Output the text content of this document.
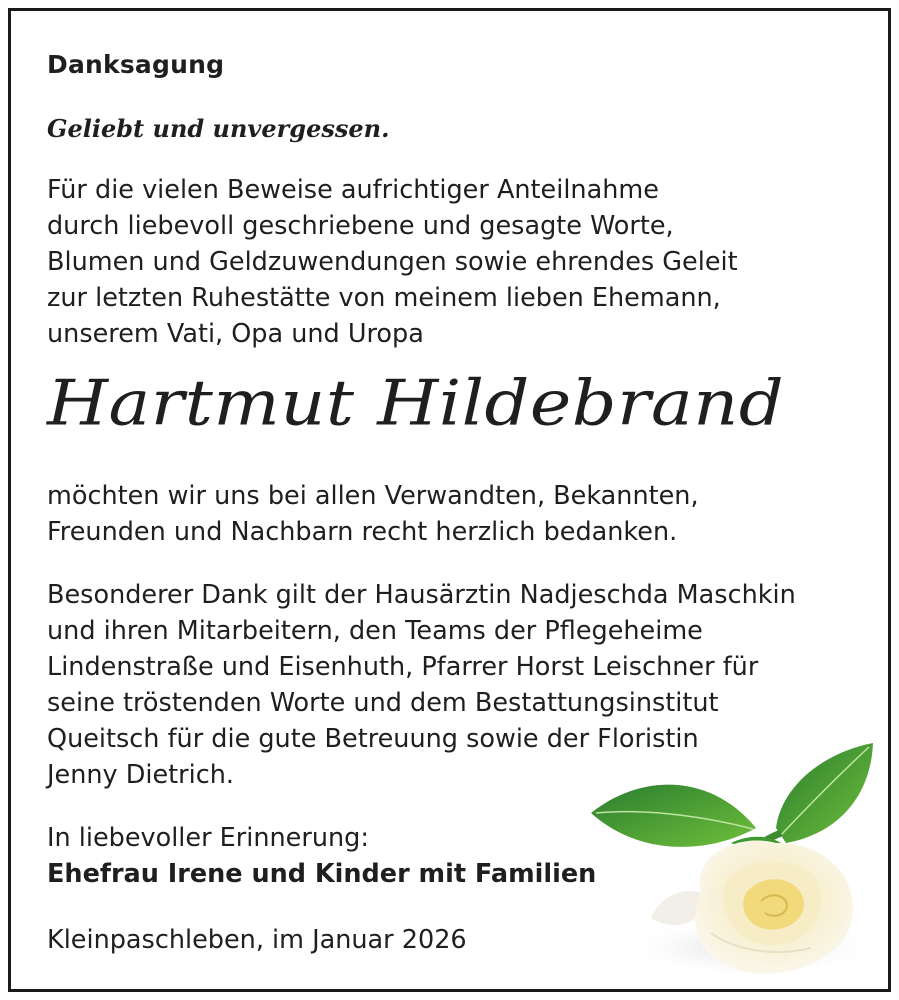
Danksagung
Geliebt und unvergessen.
Für die vielen Beweise aufrichtiger Anteilnahme
durch liebevoll geschriebene und gesagte Worte,
Blumen und Geldzuwendungen sowie ehrendes Geleit
zur letzten Ruhestätte von meinem lieben Ehemann,
unserem Vati, Opa und Uropa
Hartmut Hildebrand
möchten wir uns bei allen Verwandten, Bekannten,
Freunden und Nachbarn recht herzlich bedanken.
Besonderer Dank gilt der Hausärztin Nadjeschda Maschkin
und ihren Mitarbeitern, den Teams der Pflegeheime
Lindenstraße und Eisenhuth, Pfarrer Horst Leischner für
seine tröstenden Worte und dem Bestattungsinstitut
Queitsch für die gute Betreuung sowie der Floristin
Jenny Dietrich.
In liebevoller Erinnerung:
Ehefrau Irene und Kinder mit Familien
Kleinpaschleben, im Januar 2026
